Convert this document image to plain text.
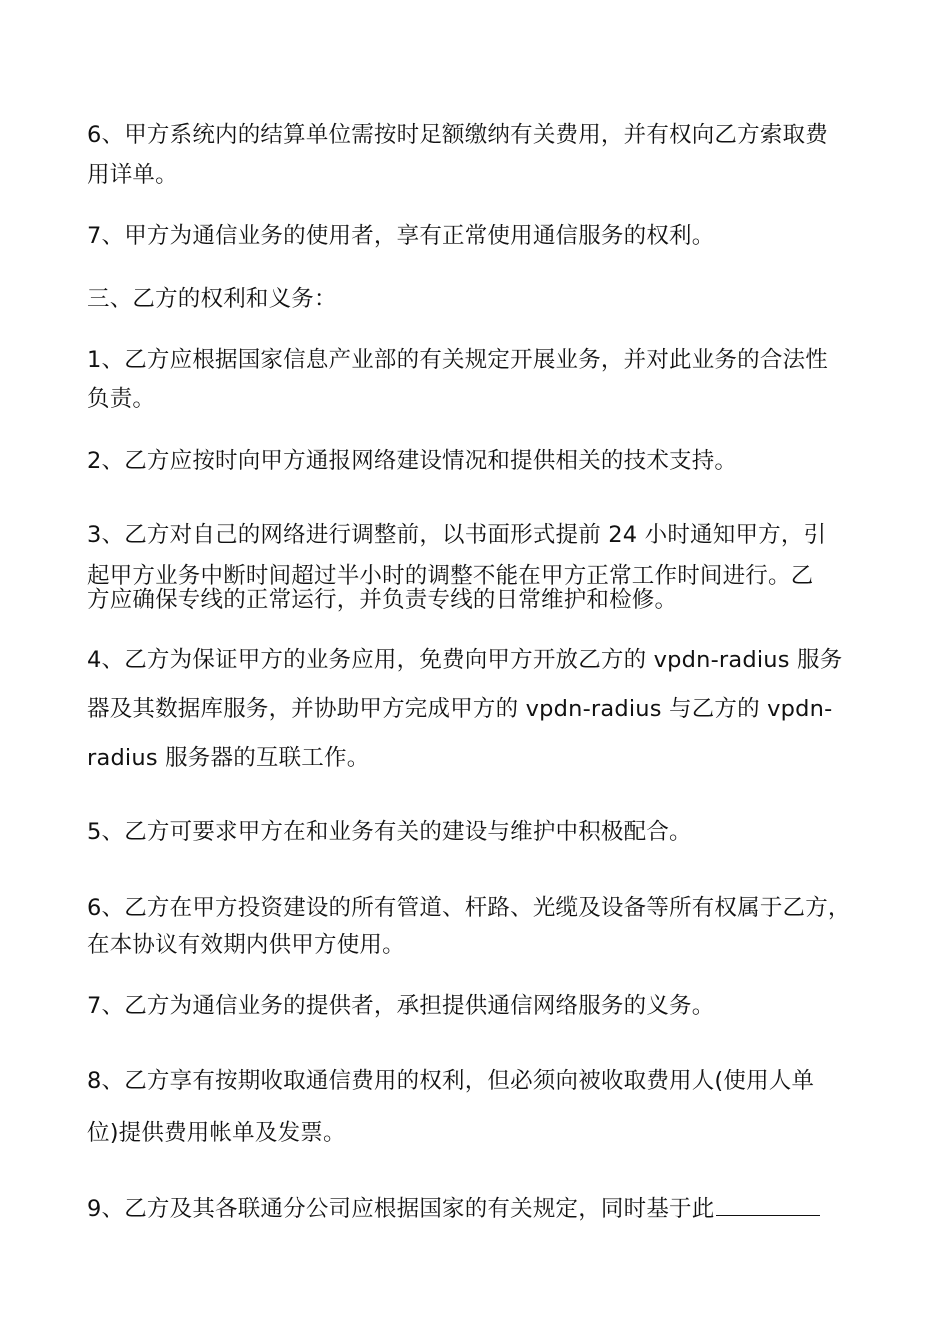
6、甲方系统内的结算单位需按时足额缴纳有关费用，并有权向乙方索取费
用详单。
7、甲方为通信业务的使用者，享有正常使用通信服务的权利。
三、乙方的权利和义务：
1、乙方应根据国家信息产业部的有关规定开展业务，并对此业务的合法性
负责。
2、乙方应按时向甲方通报网络建设情况和提供相关的技术支持。
3、乙方对自己的网络进行调整前，以书面形式提前 24 小时通知甲方，引
起甲方业务中断时间超过半小时的调整不能在甲方正常工作时间进行。乙
方应确保专线的正常运行，并负责专线的日常维护和检修。
4、乙方为保证甲方的业务应用，免费向甲方开放乙方的 vpdn-radius 服务
器及其数据库服务，并协助甲方完成甲方的 vpdn-radius 与乙方的 vpdn-
radius 服务器的互联工作。
5、乙方可要求甲方在和业务有关的建设与维护中积极配合。
6、乙方在甲方投资建设的所有管道、杆路、光缆及设备等所有权属于乙方，
在本协议有效期内供甲方使用。
7、乙方为通信业务的提供者，承担提供通信网络服务的义务。
8、乙方享有按期收取通信费用的权利，但必须向被收取费用人(使用人单
位)提供费用帐单及发票。
9、乙方及其各联通分公司应根据国家的有关规定，同时基于此
